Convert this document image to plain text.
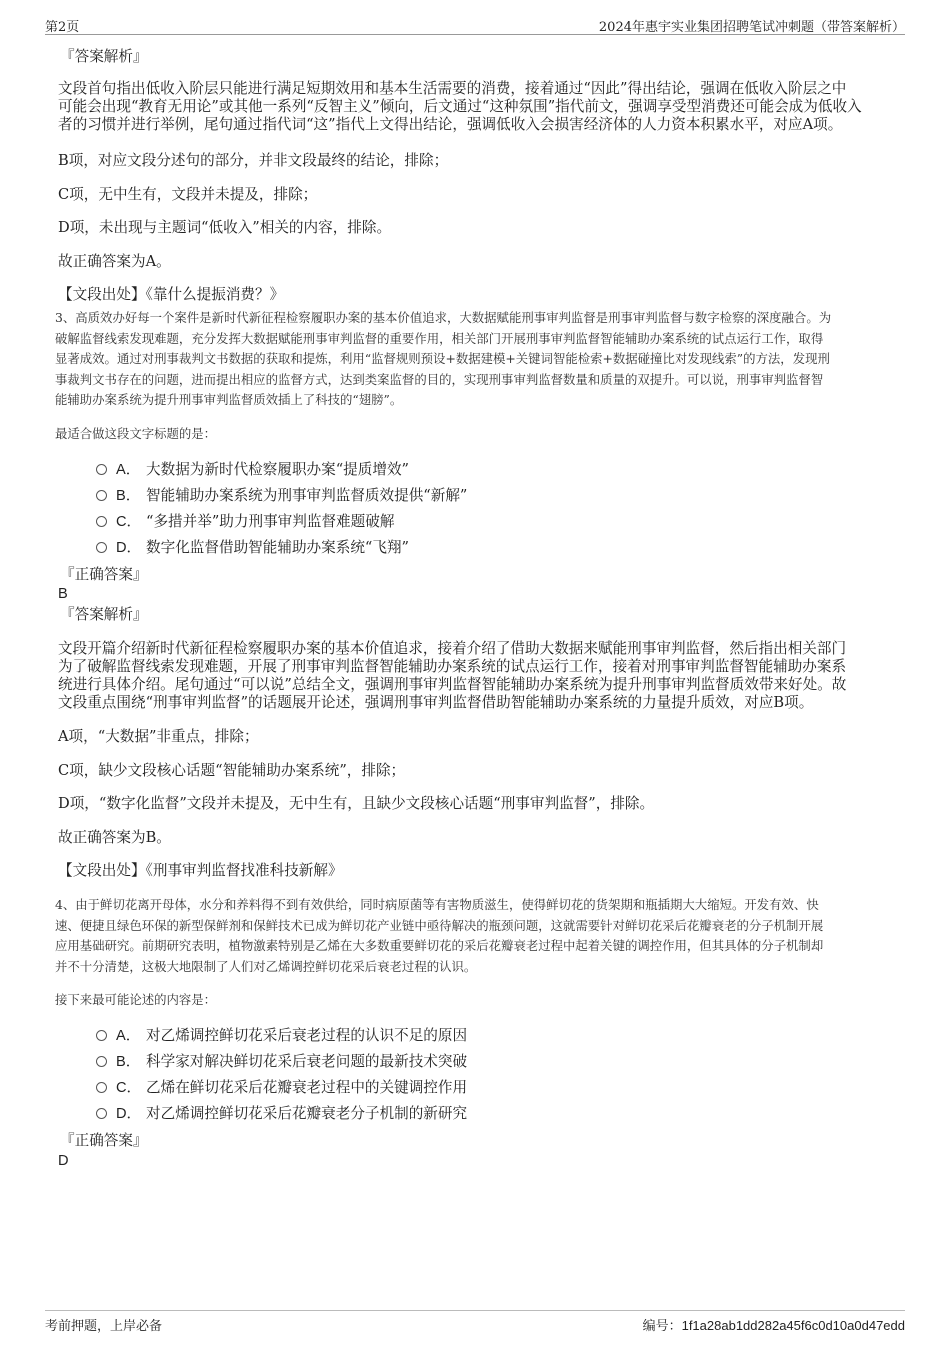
第2页	2024年惠宇实业集团招聘笔试冲刺题（带答案解析）
『答案解析』
文段首句指出低收入阶层只能进行满足短期效用和基本生活需要的消费，接着通过“因此”得出结论，强调在低收入阶层之中
可能会出现“教育无用论”或其他一系列“反智主义”倾向，后文通过“这种氛围”指代前文，强调享受型消费还可能会成为低收入
者的习惯并进行举例，尾句通过指代词“这”指代上文得出结论，强调低收入会损害经济体的人力资本积累水平，对应A项。
B项，对应文段分述句的部分，并非文段最终的结论，排除；
C项，无中生有，文段并未提及，排除；
D项，未出现与主题词“低收入”相关的内容，排除。
故正确答案为A。
【文段出处】《靠什么提振消费？》
3、高质效办好每一个案件是新时代新征程检察履职办案的基本价值追求，大数据赋能刑事审判监督是刑事审判监督与数字检察的深度融合。为
破解监督线索发现难题，充分发挥大数据赋能刑事审判监督的重要作用，相关部门开展刑事审判监督智能辅助办案系统的试点运行工作，取得
显著成效。通过对刑事裁判文书数据的获取和提炼，利用“监督规则预设+数据建模+关键词智能检索+数据碰撞比对发现线索”的方法，发现刑
事裁判文书存在的问题，进而提出相应的监督方式，达到类案监督的目的，实现刑事审判监督数量和质量的双提升。可以说，刑事审判监督智
能辅助办案系统为提升刑事审判监督质效插上了科技的“翅膀”。
最适合做这段文字标题的是：
A． 大数据为新时代检察履职办案“提质增效”
B． 智能辅助办案系统为刑事审判监督质效提供“新解”
C． “多措并举”助力刑事审判监督难题破解
D． 数字化监督借助智能辅助办案系统“飞翔”
『正确答案』
B
『答案解析』
文段开篇介绍新时代新征程检察履职办案的基本价值追求，接着介绍了借助大数据来赋能刑事审判监督，然后指出相关部门
为了破解监督线索发现难题，开展了刑事审判监督智能辅助办案系统的试点运行工作，接着对刑事审判监督智能辅助办案系
统进行具体介绍。尾句通过“可以说”总结全文，强调刑事审判监督智能辅助办案系统为提升刑事审判监督质效带来好处。故
文段重点围绕“刑事审判监督”的话题展开论述，强调刑事审判监督借助智能辅助办案系统的力量提升质效，对应B项。
A项，“大数据”非重点，排除；
C项，缺少文段核心话题“智能辅助办案系统”，排除；
D项，“数字化监督”文段并未提及，无中生有，且缺少文段核心话题“刑事审判监督”，排除。
故正确答案为B。
【文段出处】《刑事审判监督找准科技新解》
4、由于鲜切花离开母体，水分和养料得不到有效供给，同时病原菌等有害物质滋生，使得鲜切花的货架期和瓶插期大大缩短。开发有效、快
速、便捷且绿色环保的新型保鲜剂和保鲜技术已成为鲜切花产业链中亟待解决的瓶颈问题，这就需要针对鲜切花采后花瓣衰老的分子机制开展
应用基础研究。前期研究表明，植物激素特别是乙烯在大多数重要鲜切花的采后花瓣衰老过程中起着关键的调控作用，但其具体的分子机制却
并不十分清楚，这极大地限制了人们对乙烯调控鲜切花采后衰老过程的认识。
接下来最可能论述的内容是：
A． 对乙烯调控鲜切花采后衰老过程的认识不足的原因
B． 科学家对解决鲜切花采后衰老问题的最新技术突破
C． 乙烯在鲜切花采后花瓣衰老过程中的关键调控作用
D． 对乙烯调控鲜切花采后花瓣衰老分子机制的新研究
『正确答案』
D
考前押题，上岸必备	编号：1f1a28ab1dd282a45f6c0d10a0d47edd
